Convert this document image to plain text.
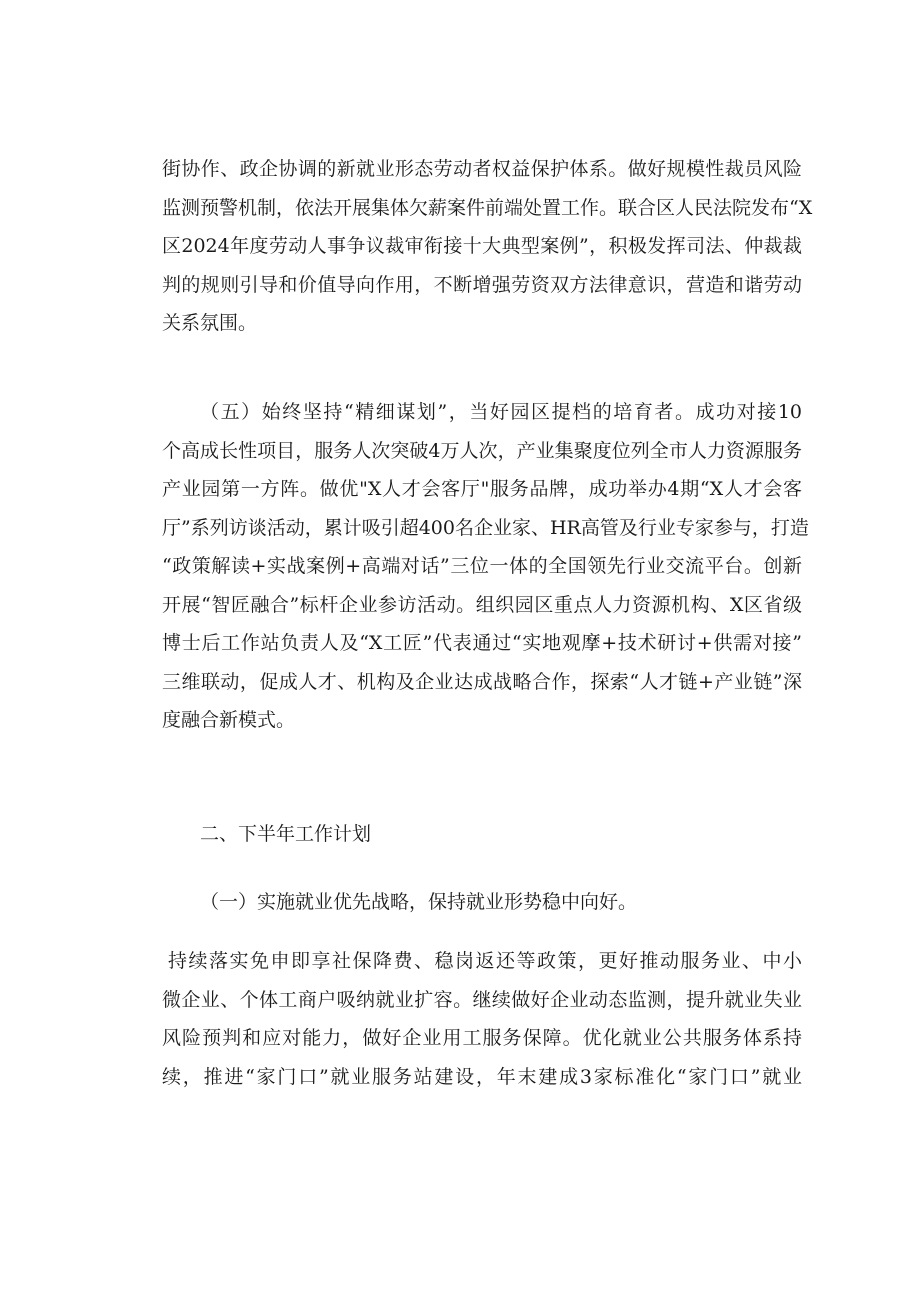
街协作、政企协调的新就业形态劳动者权益保护体系。做好规模性裁员风险
监测预警机制，依法开展集体欠薪案件前端处置工作。联合区人民法院发布“X
区2024年度劳动人事争议裁审衔接十大典型案例”，积极发挥司法、仲裁裁
判的规则引导和价值导向作用，不断增强劳资双方法律意识，营造和谐劳动
关系氛围。
（五）始终坚持“精细谋划”，当好园区提档的培育者。成功对接10
个高成长性项目，服务人次突破4万人次，产业集聚度位列全市人力资源服务
产业园第一方阵。做优"X人才会客厅"服务品牌，成功举办4期“X人才会客
厅”系列访谈活动，累计吸引超400名企业家、HR高管及行业专家参与，打造
“政策解读+实战案例+高端对话”三位一体的全国领先行业交流平台。创新
开展“智匠融合”标杆企业参访活动。组织园区重点人力资源机构、X区省级
博士后工作站负责人及“X工匠”代表通过“实地观摩+技术研讨+供需对接”
三维联动，促成人才、机构及企业达成战略合作，探索“人才链+产业链”深
度融合新模式。
二、下半年工作计划
（一）实施就业优先战略，保持就业形势稳中向好。
持续落实免申即享社保降费、稳岗返还等政策，更好推动服务业、中小
微企业、个体工商户吸纳就业扩容。继续做好企业动态监测，提升就业失业
风险预判和应对能力，做好企业用工服务保障。优化就业公共服务体系持
续，推进“家门口”就业服务站建设，年末建成3家标准化“家门口”就业
